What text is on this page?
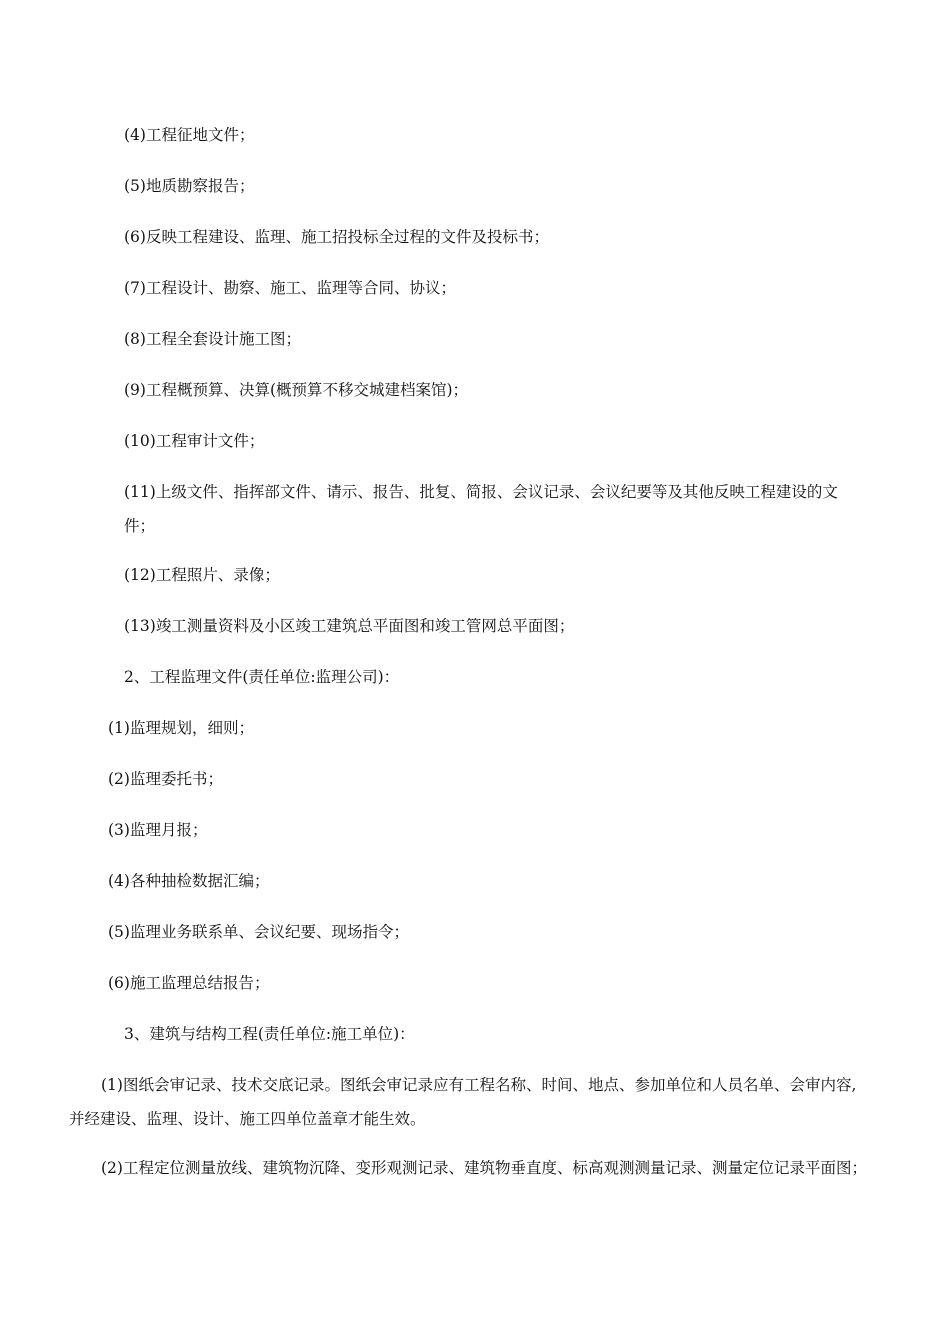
(4)工程征地文件；

(5)地质勘察报告；

(6)反映工程建设、监理、施工招投标全过程的文件及投标书；

(7)工程设计、勘察、施工、监理等合同、协议；

(8)工程全套设计施工图；

(9)工程概预算、决算(概预算不移交城建档案馆)；

(10)工程审计文件；

(11)上级文件、指挥部文件、请示、报告、批复、简报、会议记录、会议纪要等及其他反映工程建设的文件；

(12)工程照片、录像；

(13)竣工测量资料及小区竣工建筑总平面图和竣工管网总平面图；

2、工程监理文件(责任单位:监理公司)：

(1)监理规划，细则；

(2)监理委托书；

(3)监理月报；

(4)各种抽检数据汇编；

(5)监理业务联系单、会议纪要、现场指令；

(6)施工监理总结报告；

3、建筑与结构工程(责任单位:施工单位)：

(1)图纸会审记录、技术交底记录。图纸会审记录应有工程名称、时间、地点、参加单位和人员名单、会审内容,并经建设、监理、设计、施工四单位盖章才能生效。

(2)工程定位测量放线、建筑物沉降、变形观测记录、建筑物垂直度、标高观测测量记录、测量定位记录平面图；
